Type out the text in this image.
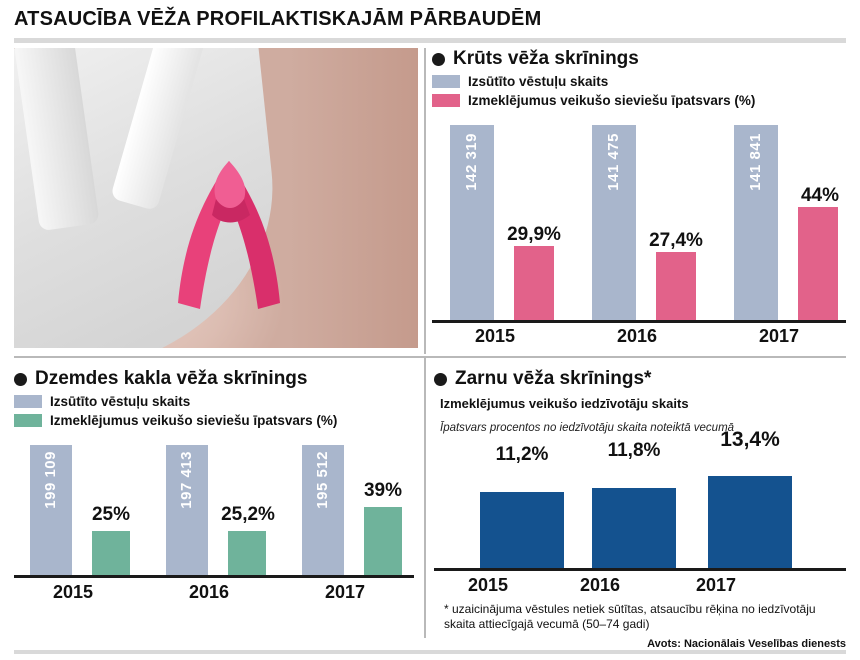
ATSAUCĪBA VĒŽA PROFILAKTISKAJĀM PĀRBAUDĒM
Krūts vēža skrīnings
Izsūtīto vēstuļu skaits
Izmeklējumus veikušo sieviešu īpatsvars (%)
142 319
29,9%
141 475
27,4%
141 841
44%
2015	2016	2017
Dzemdes kakla vēža skrīnings
Izsūtīto vēstuļu skaits
Izmeklējumus veikušo sieviešu īpatsvars (%)
199 109
25%
197 413
25,2%
195 512	39%
2015	2016	2017
Zarnu vēža skrīnings*
Izmeklējumus veikušo iedzīvotāju skaits
Īpatsvars procentos no iedzīvotāju skaita noteiktā vecumā
11,2%	11,8%	13,4%
2015	2016	2017
* uzaicinājuma vēstules netiek sūtītas, atsaucību rēķina no iedzīvotāju skaita attiecīgajā vecumā (50–74 gadi)
Avots: Nacionālais Veselības dienests
